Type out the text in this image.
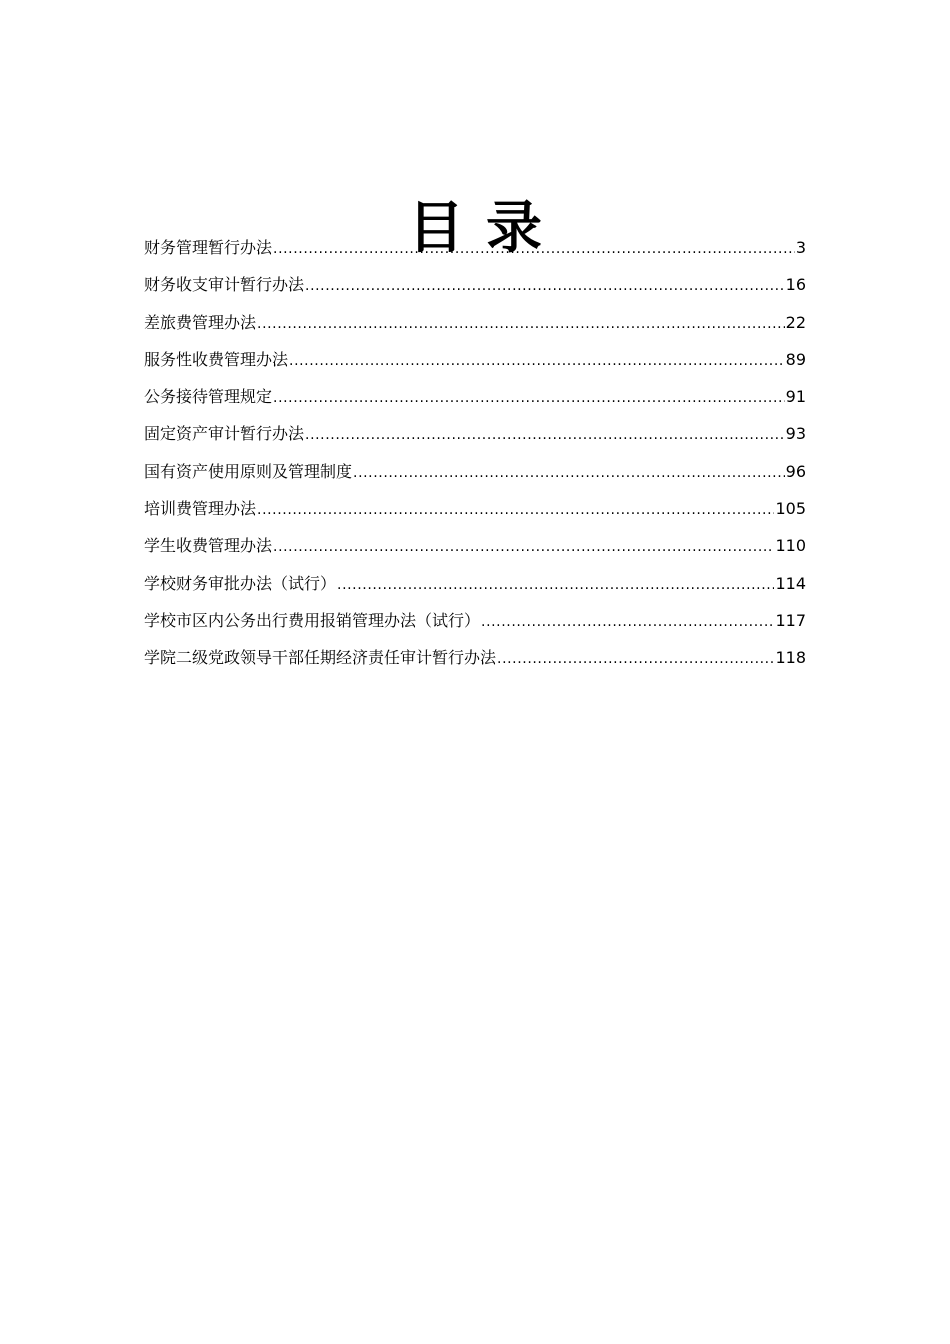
目录
财务管理暂行办法 .....	3
财务收支审计暂行办法 .....	16
差旅费管理办法 .....	22
服务性收费管理办法 .....	89
公务接待管理规定 .....	91
固定资产审计暂行办法 .....	93
国有资产使用原则及管理制度 .....	96
培训费管理办法 .....	105
学生收费管理办法 .....	110
学校财务审批办法（试行） .....	114
学校市区内公务出行费用报销管理办法（试行） .....	117
学院二级党政领导干部任期经济责任审计暂行办法 .....	118
